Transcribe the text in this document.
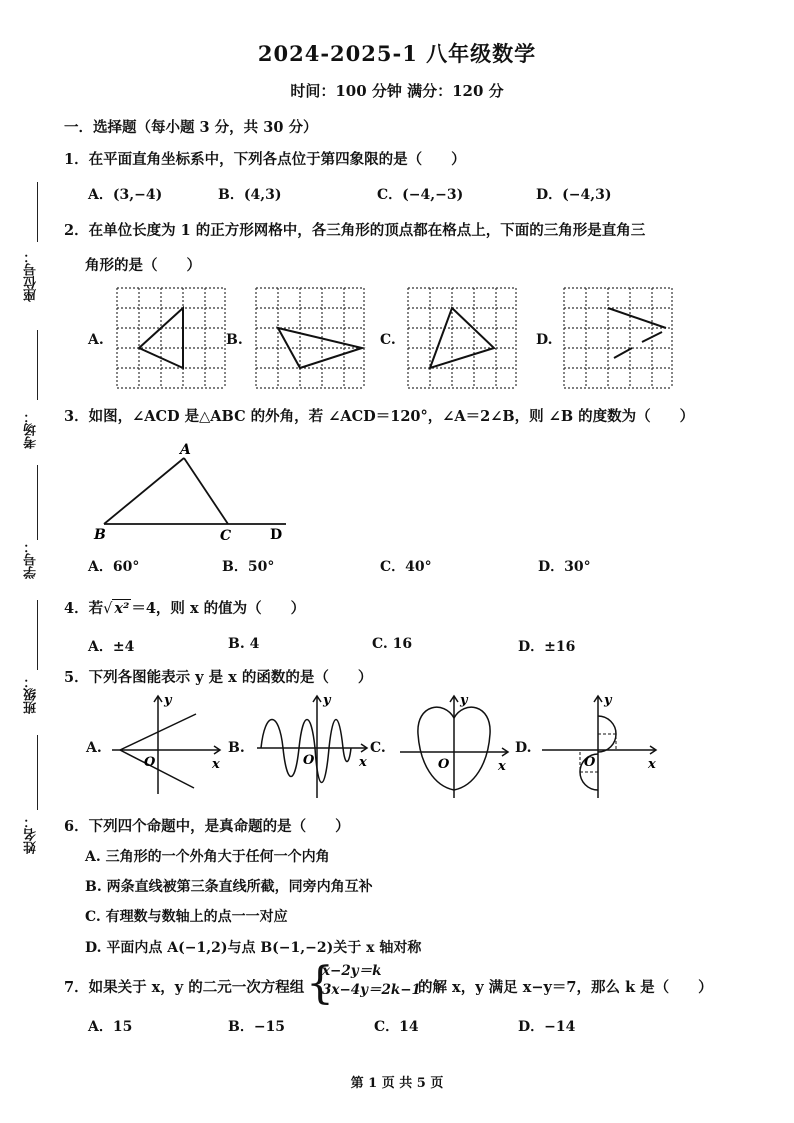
2024-2025-1 八年级数学
时间：100 分钟 满分：120 分
座位号：
考场：
学号：
班级：
姓名：
一．选择题（每小题 3 分，共 30 分）
1．在平面直角坐标系中，下列各点位于第四象限的是（　　）
A．(3,−4)	B．(4,3)	C．(−4,−3)	D．(−4,3)
2．在单位长度为 1 的正方形网格中，各三角形的顶点都在格点上，下面的三角形是直角三
角形的是（　　）
A.	B.	C.	D.
3．如图，∠ACD 是△ABC 的外角，若 ∠ACD＝120°，∠A＝2∠B，则 ∠B 的度数为（　　）
A
B	C	D
A．60°	B．50°	C．40°	D．30°
4．若√ x² ＝4，则 x 的值为（　　）
A．±4	B. 4	C. 16	D．±16
5．下列各图能表示 y 是 x 的函数的是（　　）
A.	B.	C.	D.
y
x
O
y
x
O
y
x
O
y
x
O
6．下列四个命题中，是真命题的是（　　）
A. 三角形的一个外角大于任何一个内角
B. 两条直线被第三条直线所截，同旁内角互补
C. 有理数与数轴上的点一一对应
D. 平面内点 A(−1,2)与点 B(−1,−2)关于 x 轴对称
7．如果关于 x，y 的二元一次方程组 {
x−2y＝k
3x−4y＝2k−1
的解 x，y 满足 x−y＝7，那么 k 是（　　）
A．15	B．−15	C．14	D．−14
第 1 页 共 5 页
